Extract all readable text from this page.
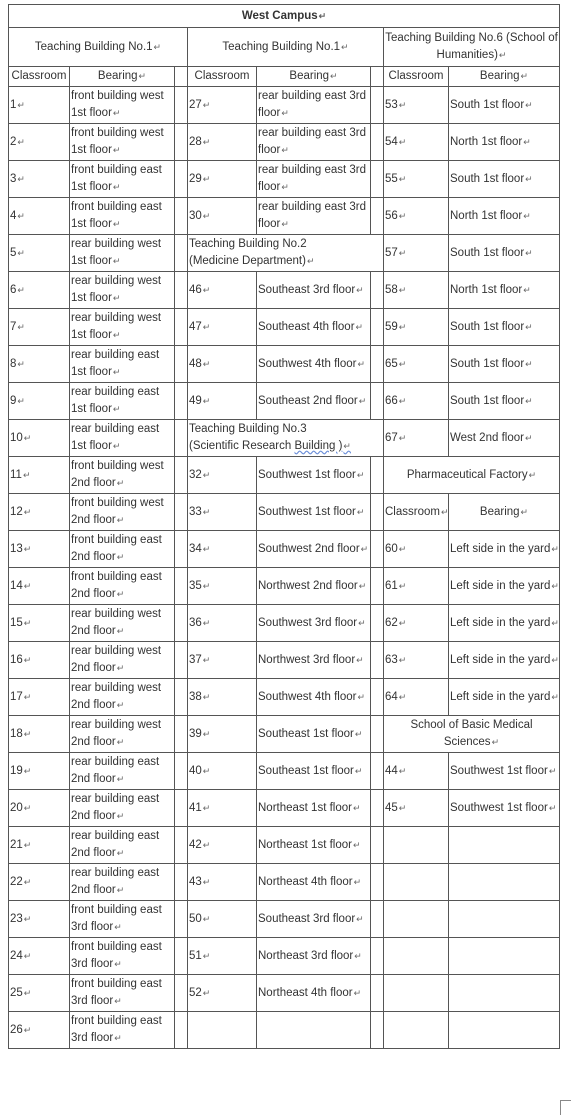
West Campus ↵
Teaching Building No.1 ↵			Teaching Building No.1 ↵			Teaching Building No.6 (School of Humanities) ↵
Classroom	Bearing ↵		Classroom	Bearing ↵		Classroom	Bearing ↵
1 ↵	front building west 1st floor ↵		27 ↵	rear building east 3rd floor ↵		53 ↵	South 1st floor ↵
2 ↵	front building west 1st floor ↵		28 ↵	rear building east 3rd floor ↵		54 ↵	North 1st floor ↵
3 ↵	front building east 1st floor ↵		29 ↵	rear building east 3rd floor ↵		55 ↵	South 1st floor ↵
4 ↵	front building east 1st floor ↵		30 ↵	rear building east 3rd floor ↵		56 ↵	North 1st floor ↵
5 ↵	rear building west 1st floor ↵		Teaching Building No.2
(Medicine Department) ↵			57 ↵	South 1st floor ↵
6 ↵	rear building west 1st floor ↵		46 ↵	Southeast 3rd floor ↵		58 ↵	North 1st floor ↵
7 ↵	rear building west 1st floor ↵		47 ↵	Southeast 4th floor ↵		59 ↵	South 1st floor ↵
8 ↵	rear building east 1st floor ↵		48 ↵	Southwest 4th floor ↵		65 ↵	South 1st floor ↵
9 ↵	rear building east 1st floor ↵		49 ↵	Southeast 2nd floor ↵		66 ↵	South 1st floor ↵
10 ↵	rear building east 1st floor ↵		Teaching Building No.3
(Scientific Research Building ) ↵			67 ↵	West 2nd floor ↵
11 ↵	front building west 2nd floor ↵		32 ↵	Southwest 1st floor ↵		Pharmaceutical Factory ↵
12 ↵	front building west 2nd floor ↵		33 ↵	Southwest 1st floor ↵		Classroom ↵	Bearing ↵
13 ↵	front building east 2nd floor ↵		34 ↵	Southwest 2nd floor ↵		60 ↵	Left side in the yard ↵
14 ↵	front building east 2nd floor ↵		35 ↵	Northwest 2nd floor ↵		61 ↵	Left side in the yard ↵
15 ↵	rear building west 2nd floor ↵		36 ↵	Southwest 3rd floor ↵		62 ↵	Left side in the yard ↵
16 ↵	rear building west 2nd floor ↵		37 ↵	Northwest 3rd floor ↵		63 ↵	Left side in the yard ↵
17 ↵	rear building west 2nd floor ↵		38 ↵	Southwest 4th floor ↵		64 ↵	Left side in the yard ↵
18 ↵	rear building west 2nd floor ↵		39 ↵	Southeast 1st floor ↵		School of Basic Medical Sciences ↵
19 ↵	rear building east 2nd floor ↵		40 ↵	Southeast 1st floor ↵		44 ↵	Southwest 1st floor ↵
20 ↵	rear building east 2nd floor ↵		41 ↵	Northeast 1st floor ↵		45 ↵	Southwest 1st floor ↵
21 ↵	rear building east 2nd floor ↵		42 ↵	Northeast 1st floor ↵			
22 ↵	rear building east 2nd floor ↵		43 ↵	Northeast 4th floor ↵			
23 ↵	front building east 3rd floor ↵		50 ↵	Southeast 3rd floor ↵			
24 ↵	front building east 3rd floor ↵		51 ↵	Northeast 3rd floor ↵			
25 ↵	front building east 3rd floor ↵		52 ↵	Northeast 4th floor ↵			
26 ↵	front building east 3rd floor ↵						
